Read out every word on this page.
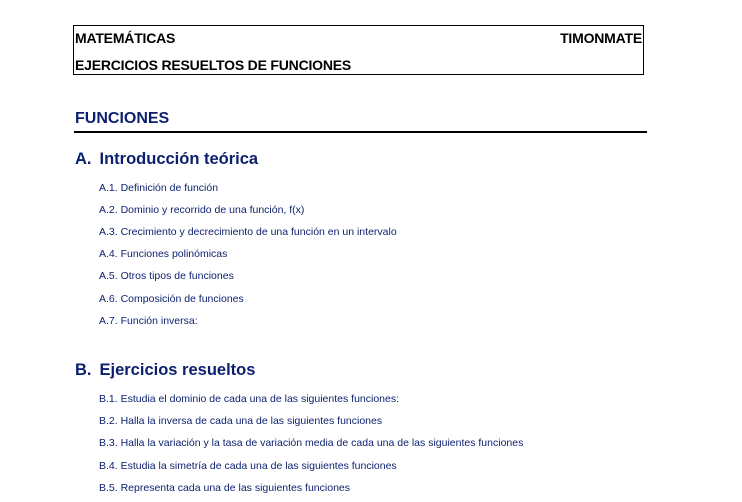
MATEMÁTICAS	TIMONMATE
EJERCICIOS RESUELTOS DE FUNCIONES
FUNCIONES
A. Introducción teórica
A.1. Definición de función
A.2. Dominio y recorrido de una función, f(x)
A.3. Crecimiento y decrecimiento de una función en un intervalo
A.4. Funciones polinómicas
A.5. Otros tipos de funciones
A.6. Composición de funciones
A.7. Función inversa:
B. Ejercicios resueltos
B.1. Estudia el dominio de cada una de las siguientes funciones:
B.2. Halla la inversa de cada una de las siguientes funciones
B.3. Halla la variación y la tasa de variación media de cada una de las siguientes funciones
B.4. Estudia la simetría de cada una de las siguientes funciones
B.5. Representa cada una de las siguientes funciones
